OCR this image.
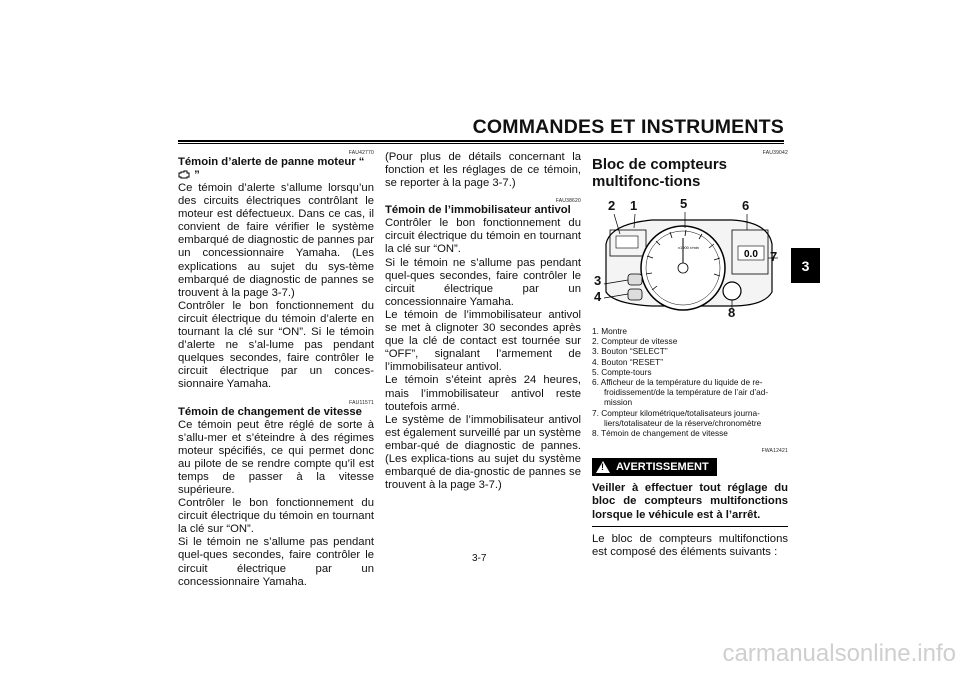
COMMANDES ET INSTRUMENTS
3
FAU42770
Témoin d’alerte de panne moteur “ ”

Ce témoin d’alerte s’allume lorsqu’un des circuits électriques contrôlant le moteur est défectueux. Dans ce cas, il convient de faire vérifier le système embarqué de diagnostic de pannes par un concessionnaire Yamaha. (Les explications au sujet du sys-tème embarqué de diagnostic de pannes se trouvent à la page 3-7.)

Contrôler le bon fonctionnement du circuit électrique du témoin d’alerte en tournant la clé sur “ON”. Si le témoin d’alerte ne s’al-lume pas pendant quelques secondes, faire contrôler le circuit électrique par un conces-sionnaire Yamaha.

FAU11571
Témoin de changement de vitesse

Ce témoin peut être réglé de sorte à s’allu-mer et s’éteindre à des régimes moteur spécifiés, ce qui permet donc au pilote de se rendre compte qu’il est temps de passer à la vitesse supérieure.

Contrôler le bon fonctionnement du circuit électrique du témoin en tournant la clé sur “ON”.

Si le témoin ne s’allume pas pendant quel-ques secondes, faire contrôler le circuit électrique par un concessionnaire Yamaha.

(Pour plus de détails concernant la fonction et les réglages de ce témoin, se reporter à la page 3-7.)

FAU38620
Témoin de l’immobilisateur antivol

Contrôler le bon fonctionnement du circuit électrique du témoin en tournant la clé sur “ON”.

Si le témoin ne s’allume pas pendant quel-ques secondes, faire contrôler le circuit électrique par un concessionnaire Yamaha.

Le témoin de l’immobilisateur antivol se met à clignoter 30 secondes après que la clé de contact est tournée sur “OFF”, signalant l’armement de l’immobilisateur antivol.

Le témoin s’éteint après 24 heures, mais l’immobilisateur antivol reste toutefois armé.

Le système de l’immobilisateur antivol est également surveillé par un système embar-qué de diagnostic de pannes. (Les explica-tions au sujet du système embarqué de dia-gnostic de pannes se trouvent à la page 3-7.)

FAU39042
Bloc de compteurs multifonc-tions
x1000 r/min
0.0
2 1	5	6
7
3
4
8
1. Montre
2. Compteur de vitesse
3. Bouton “SELECT”
4. Bouton “RESET”
5. Compte-tours
6. Afficheur de la température du liquide de re-froidissement/de la température de l’air d’ad-mission
7. Compteur kilométrique/totalisateurs journa-liers/totalisateur de la réserve/chronomètre
8. Témoin de changement de vitesse
FWA12421
! AVERTISSEMENT
Veiller à effectuer tout réglage du bloc de compteurs multifonctions lorsque le véhicule est à l’arrêt.

Le bloc de compteurs multifonctions est composé des éléments suivants :

3-7
carmanualsonline.info
